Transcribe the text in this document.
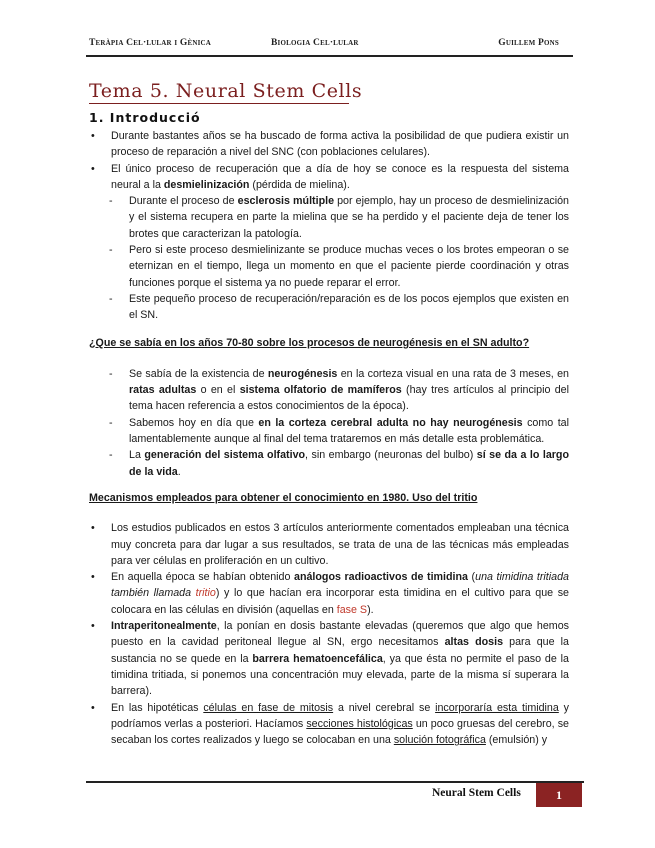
Teràpia Cel·lular i Gènica	Biologia Cel·lular	Guillem Pons
Tema 5. Neural Stem Cells
1. Introducció
• Durante bastantes años se ha buscado de forma activa la posibilidad de que pudiera existir un proceso de reparación a nivel del SNC (con poblaciones celulares).
• El único proceso de recuperación que a día de hoy se conoce es la respuesta del sistema neural a la desmielinización (pérdida de mielina).
- Durante el proceso de esclerosis múltiple por ejemplo, hay un proceso de desmielinización y el sistema recupera en parte la mielina que se ha perdido y el paciente deja de tener los brotes que caracterizan la patología.
- Pero si este proceso desmielinizante se produce muchas veces o los brotes empeoran o se eternizan en el tiempo, llega un momento en que el paciente pierde coordinación y otras funciones porque el sistema ya no puede reparar el error.
- Este pequeño proceso de recuperación/reparación es de los pocos ejemplos que existen en el SN.
¿Que se sabía en los años 70-80 sobre los procesos de neurogénesis en el SN adulto?
- Se sabía de la existencia de neurogénesis en la corteza visual en una rata de 3 meses, en ratas adultas o en el sistema olfatorio de mamíferos (hay tres artículos al principio del tema hacen referencia a estos conocimientos de la época).
- Sabemos hoy en día que en la corteza cerebral adulta no hay neurogénesis como tal lamentablemente aunque al final del tema trataremos en más detalle esta problemática.
- La generación del sistema olfativo, sin embargo (neuronas del bulbo) sí se da a lo largo de la vida.
Mecanismos empleados para obtener el conocimiento en 1980. Uso del tritio
• Los estudios publicados en estos 3 artículos anteriormente comentados empleaban una técnica muy concreta para dar lugar a sus resultados, se trata de una de las técnicas más empleadas para ver células en proliferación en un cultivo.
• En aquella época se habían obtenido análogos radioactivos de timidina (una timidina tritiada también llamada tritio) y lo que hacían era incorporar esta timidina en el cultivo para que se colocara en las células en división (aquellas en fase S).
• Intraperitonealmente, la ponían en dosis bastante elevadas (queremos que algo que hemos puesto en la cavidad peritoneal llegue al SN, ergo necesitamos altas dosis para que la sustancia no se quede en la barrera hematoencefálica, ya que ésta no permite el paso de la timidina tritiada, si ponemos una concentración muy elevada, parte de la misma sí superara la barrera).
• En las hipotéticas células en fase de mitosis a nivel cerebral se incorporaría esta timidina y podríamos verlas a posteriori. Hacíamos secciones histológicas un poco gruesas del cerebro, se secaban los cortes realizados y luego se colocaban en una solución fotográfica (emulsión) y
Neural Stem Cells	1
